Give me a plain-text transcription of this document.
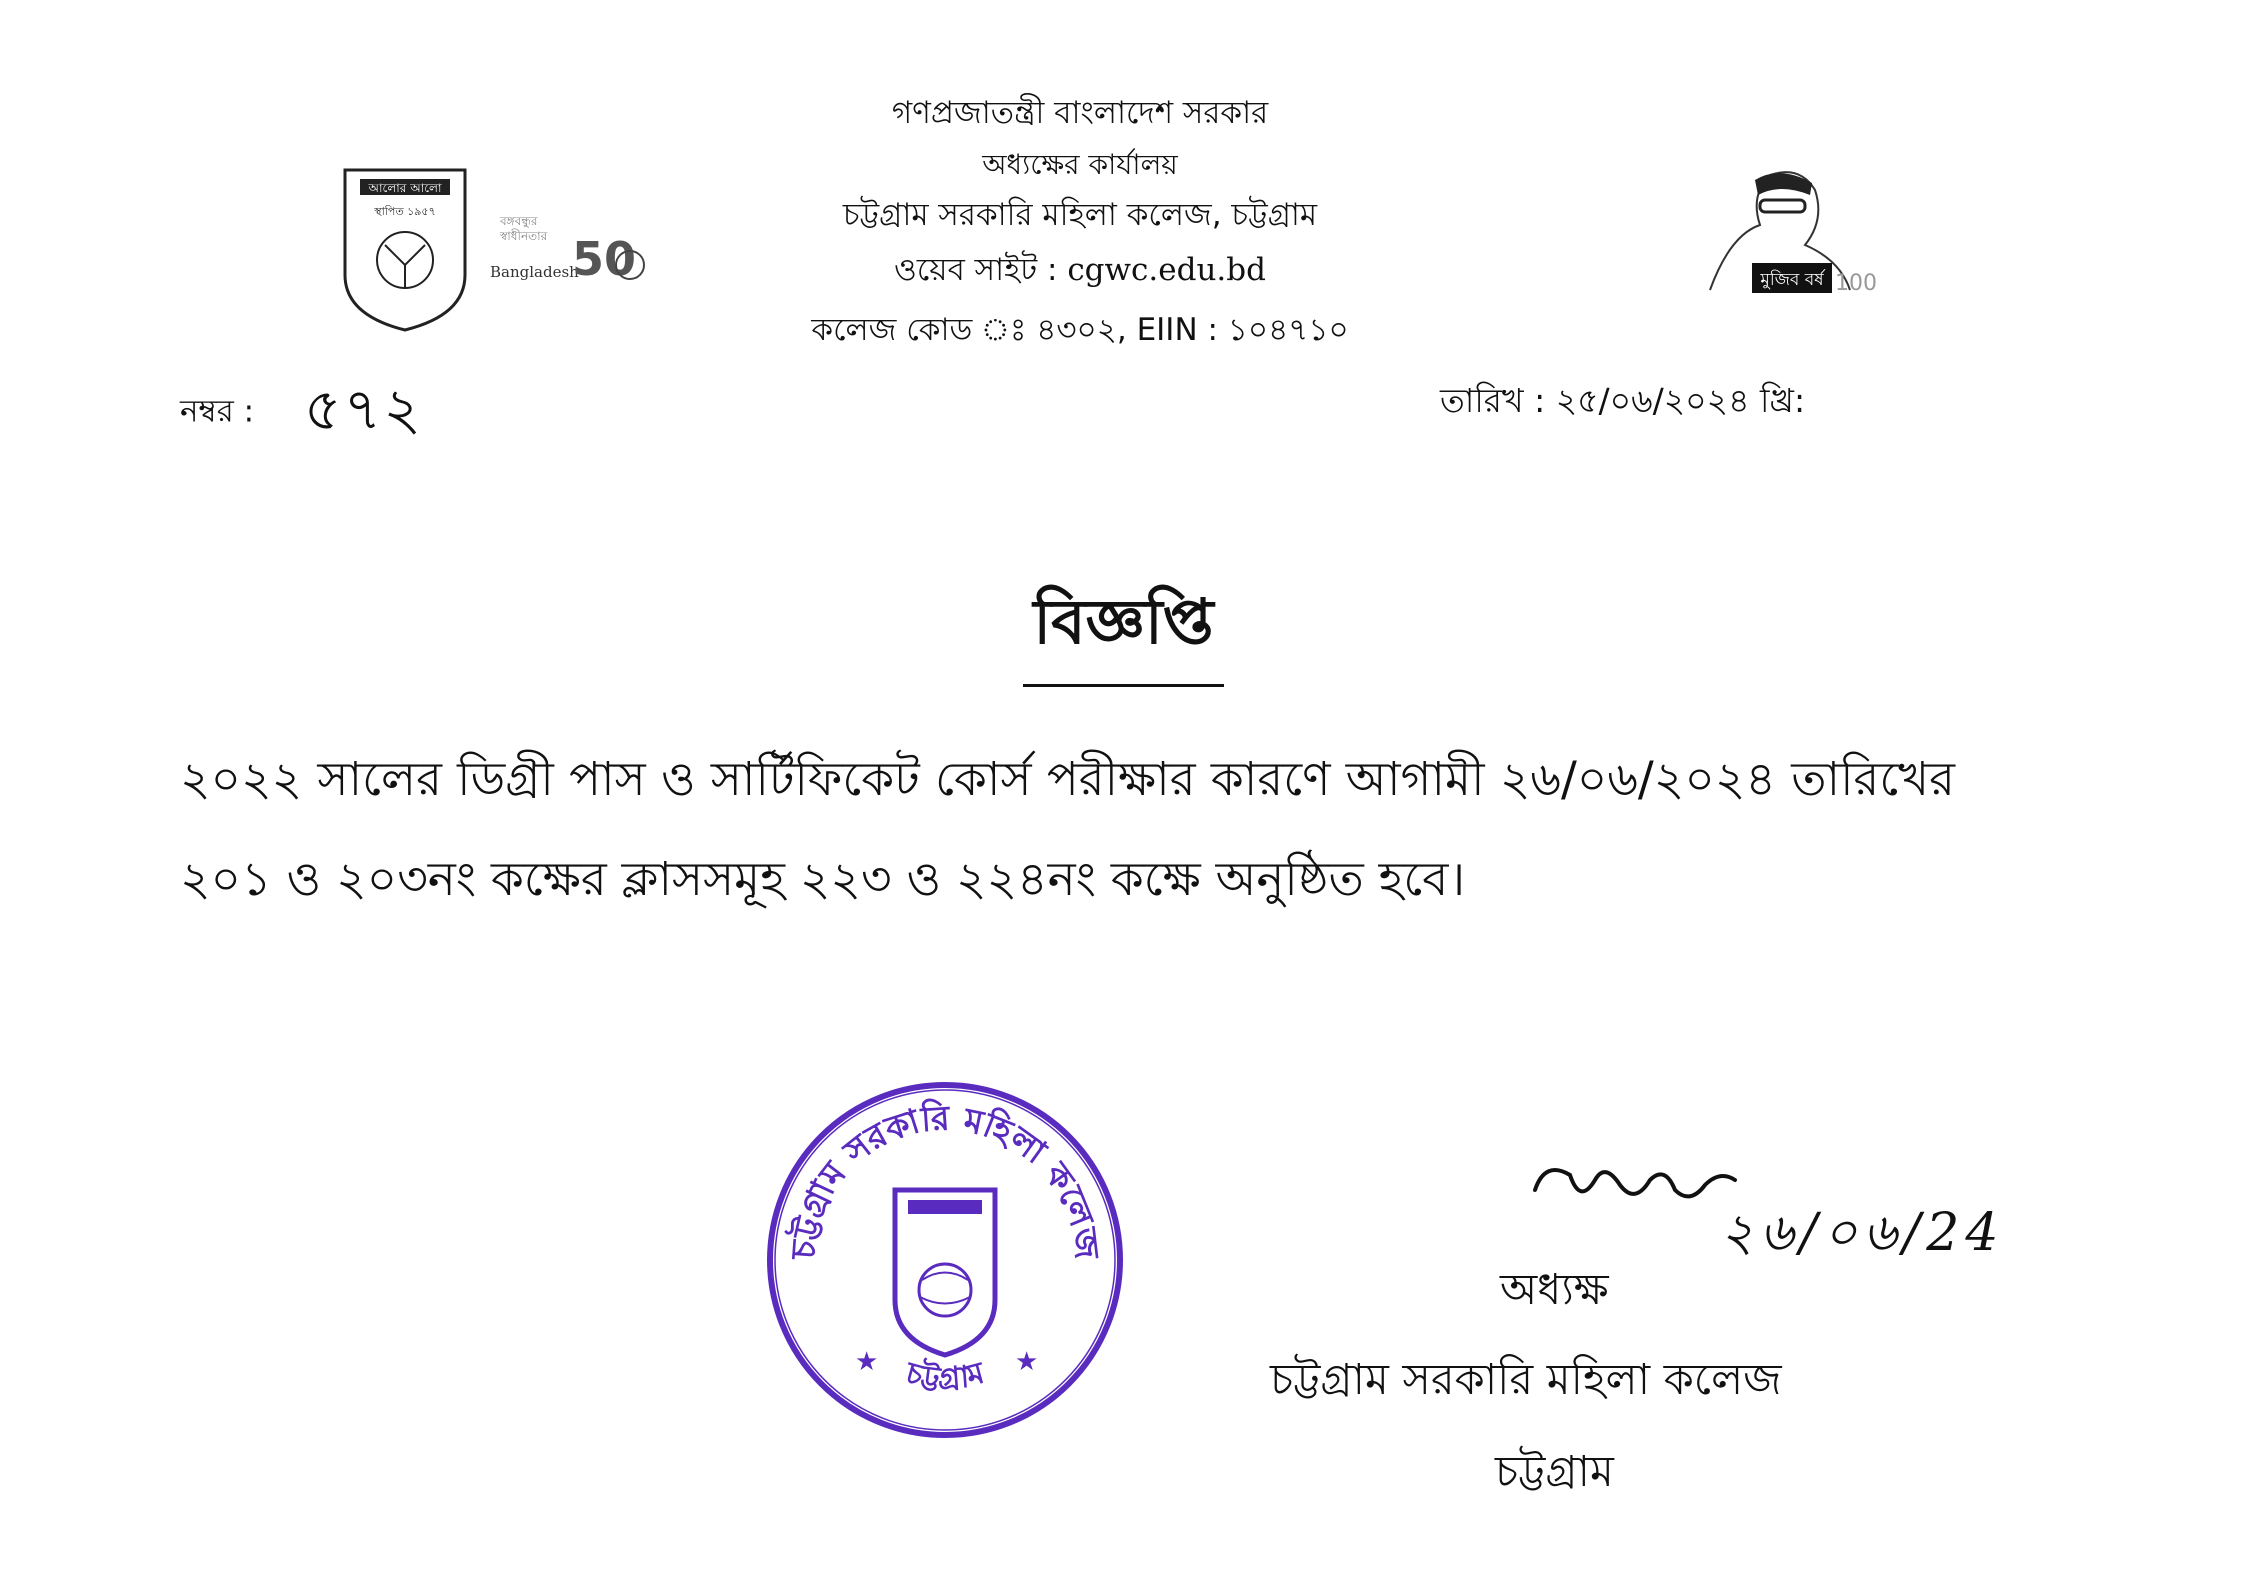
আলোর আলো
স্থাপিত ১৯৫৭
বঙ্গবন্ধুর
স্বাধীনতার
Bangladesh
50	মুজিব বর্ষ 100
গণপ্রজাতন্ত্রী বাংলাদেশ সরকার
অধ্যক্ষের কার্যালয়
চট্টগ্রাম সরকারি মহিলা কলেজ, চট্টগ্রাম
ওয়েব সাইট : cgwc.edu.bd
কলেজ কোড ঃ ৪৩০২, EIIN : ১০৪৭১০
নম্বর : ৫৭২	তারিখ : ২৫/০৬/২০২৪ খ্রি:
বিজ্ঞপ্তি
২০২২ সালের ডিগ্রী পাস ও সার্টিফিকেট কোর্স পরীক্ষার কারণে আগামী ২৬/০৬/২০২৪ তারিখের ২০১ ও ২০৩নং কক্ষের ক্লাসসমূহ ২২৩ ও ২২৪নং কক্ষে অনুষ্ঠিত হবে।
চট্টগ্রাম সরকারি মহিলা কলেজ
চট্টগ্রাম
★	★
২৬/০৬/24
অধ্যক্ষ
চট্টগ্রাম সরকারি মহিলা কলেজ
চট্টগ্রাম
